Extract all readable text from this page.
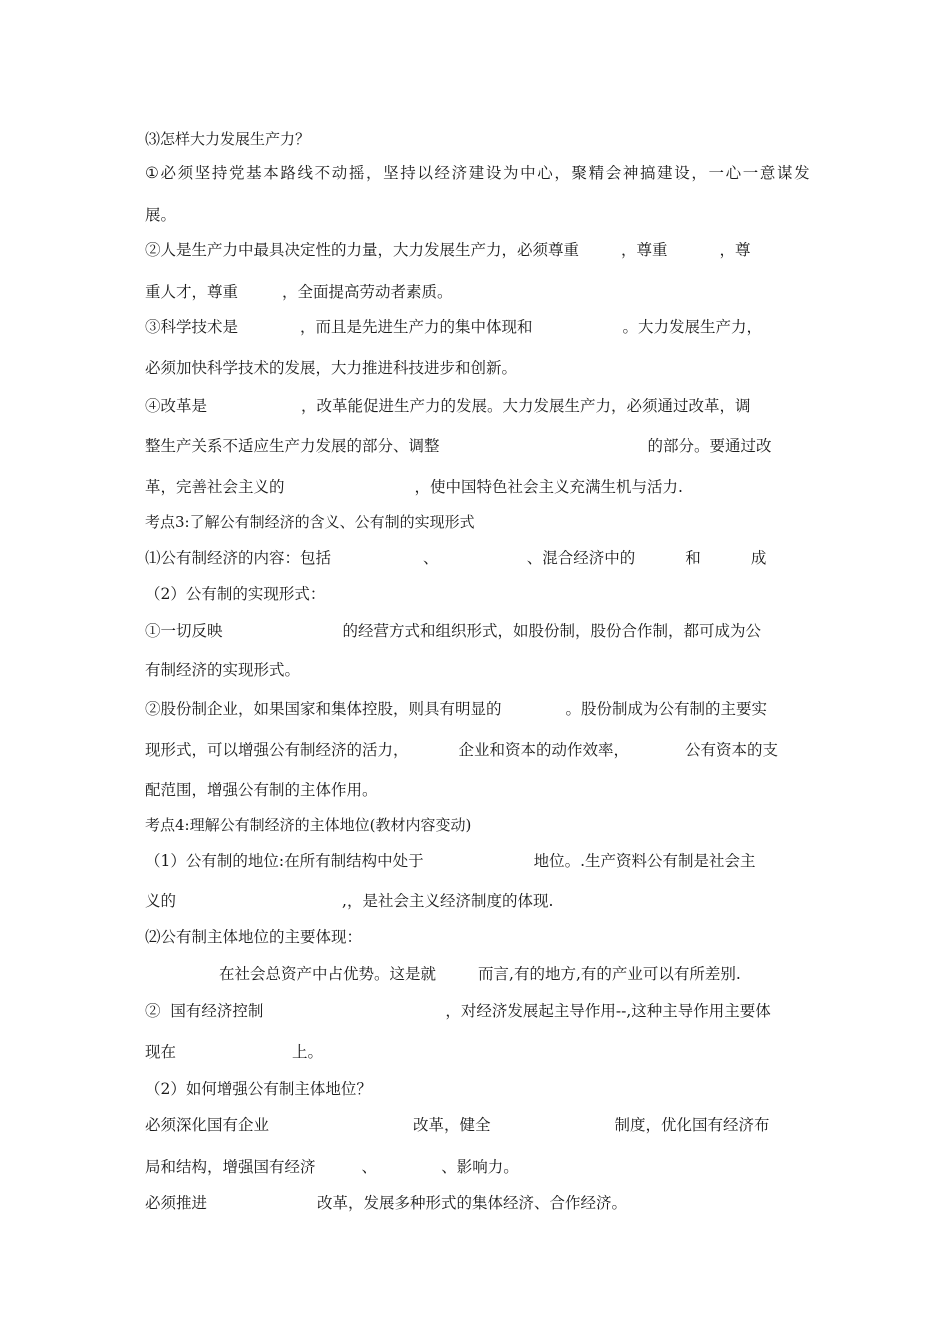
⑶怎样大力发展生产力？
① 必 须 坚 持 党 基 本 路 线 不 动 摇 ， 坚 持 以 经 济 建 设 为 中 心 ， 聚 精 会 神 搞 建 设 ， 一 心 一 意 谋 发
展。
②人是生产力中最具决定性的力量，大力发展生产力，必须尊重	，尊重	，尊
重人才，尊重	，全面提高劳动者素质。
③科学技术是	，而且是先进生产力的集中体现和	。大力发展生产力，
必须加快科学技术的发展，大力推进科技进步和创新。
④改革是	，改革能促进生产力的发展。大力发展生产力，必须通过改革，调
整生产关系不适应生产力发展的部分、调整	的部分。要通过改
革，完善社会主义的	，使中国特色社会主义充满生机与活力.
考点3:了解公有制经济的含义、公有制的实现形式
⑴公有制经济的内容：包括	、	、混合经济中的	和	成
（2）公有制的实现形式：
①一切反映	的经营方式和组织形式，如股份制，股份合作制，都可成为公
有制经济的实现形式。
②股份制企业，如果国家和集体控股，则具有明显的	。股份制成为公有制的主要实
现形式，可以增强公有制经济的活力，	企业和资本的动作效率，	公有资本的支
配范围，增强公有制的主体作用。
考点4:理解公有制经济的主体地位(教材内容变动)
（1）公有制的地位:在所有制结构中处于	地位。.生产资料公有制是社会主
义的	,，是社会主义经济制度的体现.
⑵公有制主体地位的主要体现：
在社会总资产中占优势。这是就	而言,有的地方,有的产业可以有所差别.
②  国有经济控制	，对经济发展起主导作用--,这种主导作用主要体
现在	上。
（2）如何增强公有制主体地位？
必须深化国有企业	改革，健全	制度，优化国有经济布
局和结构，增强国有经济	、	、影响力。
必须推进	改革，发展多种形式的集体经济、合作经济。
